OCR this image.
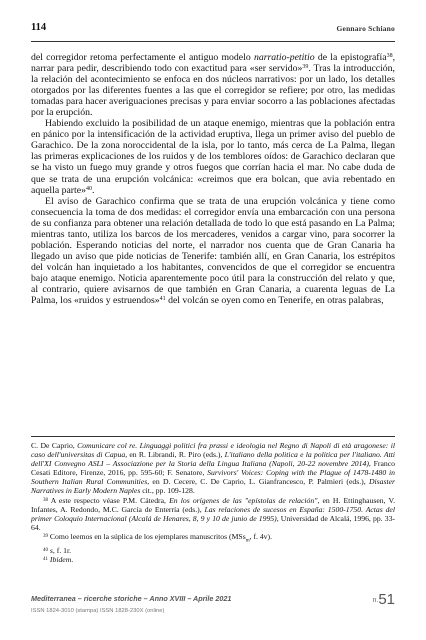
114	Gennaro Schiano

del corregidor retoma perfectamente el antiguo modelo narratio-petitio de la epistografía$^{38}$, narrar para pedir, describiendo todo con exactitud para «ser servido»$^{39}$. Tras la introducción, la relación del acontecimiento se enfoca en dos núcleos narrativos: por un lado, los detalles otorgados por las diferentes fuentes a las que el corregidor se refiere; por otro, las medidas tomadas para hacer averiguaciones precisas y para enviar socorro a las poblaciones afectadas por la erupción.

Habiendo excluido la posibilidad de un ataque enemigo, mientras que la población entra en pánico por la intensificación de la actividad eruptiva, llega un primer aviso del pueblo de Garachico. De la zona noroccidental de la isla, por lo tanto, más cerca de La Palma, llegan las primeras explicaciones de los ruidos y de los temblores oídos: de Garachico declaran que se ha visto un fuego muy grande y otros fuegos que corrían hacia el mar. No cabe duda de que se trata de una erupción volcánica: «creimos que era bolcan, que avia rebentado en aquella parte»$^{40}$.

El aviso de Garachico confirma que se trata de una erupción volcánica y tiene como consecuencia la toma de dos medidas: el corregidor envía una embarcación con una persona de su confianza para obtener una relación detallada de todo lo que está pasando en La Palma; mientras tanto, utiliza los barcos de los mercaderes, venidos a cargar vino, para socorrer la población. Esperando noticias del norte, el narrador nos cuenta que de Gran Canaria ha llegado un aviso que pide noticias de Tenerife: también allí, en Gran Canaria, los estrépitos del volcán han inquietado a los habitantes, convencidos de que el corregidor se encuentra bajo ataque enemigo. Noticia aparentemente poco útil para la construcción del relato y que, al contrario, quiere avisarnos de que también en Gran Canaria, a cuarenta leguas de La Palma, los «ruidos y estruendos»$^{41}$ del volcán se oyen como en Tenerife, en otras palabras,

C. De Caprio, Comunicare col re. Linguaggi politici fra prassi e ideologia nel Regno di Napoli di età aragonese: il caso dell'universitas di Capua, en R. Librandi, R. Piro (eds.), L'italiano della politica e la politica per l'italiano. Atti dell'XI Convegno ASLI – Associazione per la Storia della Lingua Italiana (Napoli, 20-22 novembre 2014), Franco Cesati Editore, Firenze, 2016, pp. 595-60; F. Senatore, Survivors' Voices: Coping with the Plague of 1478-1480 in Southern Italian Rural Communities, en D. Cecere, C. De Caprio, L. Gianfrancesco, P. Palmieri (eds.), Disaster Narratives in Early Modern Naples cit., pp. 109-128.

$^{38}$ A este respecto véase P.M. Cátedra, En los orígenes de las "epístolas de relación", en H. Ettinghausen, V. Infantes, A. Redondo, M.C. García de Enterría (eds.), Las relaciones de sucesos en España: 1500-1750. Actas del primer Coloquio Internacional (Alcalá de Henares, 8, 9 y 10 de junio de 1995), Universidad de Alcalá, 1996, pp. 33-64.

$^{39}$ Como leemos en la súplica de los ejemplares manuscritos (MSs$_m$, f. 4v).

$^{40}$ s, f. 1r.

$^{41}$ Ibidem.

Mediterranea – ricerche storiche – Anno XVIII – Aprile 2021
ISSN 1824-3010 (stampa) ISSN 1828-230X (online)
n.51
